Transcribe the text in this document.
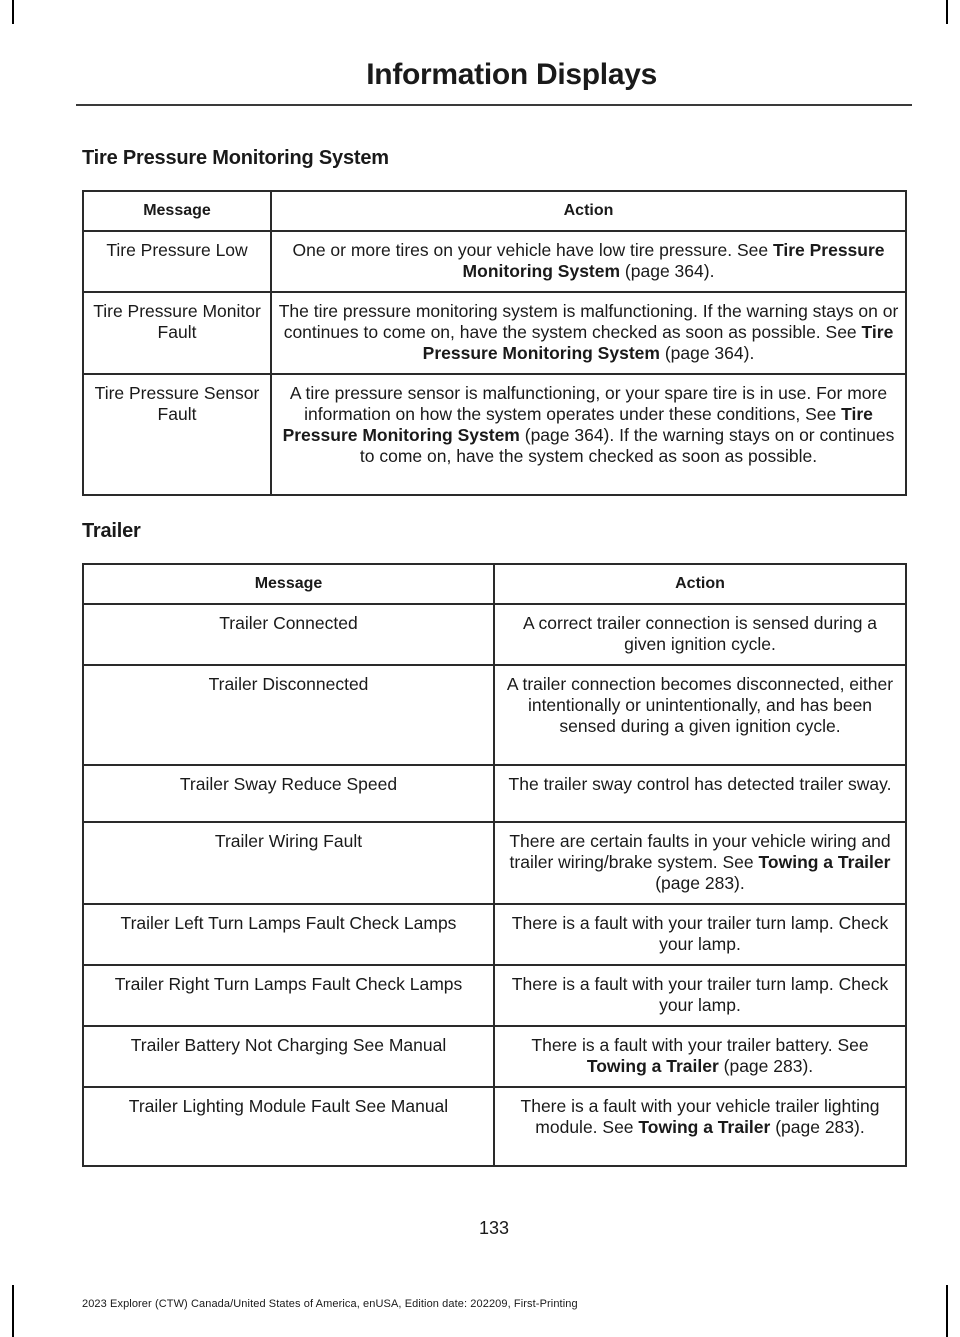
Information Displays
Tire Pressure Monitoring System
Message	Action
Tire Pressure Low	One or more tires on your vehicle have low tire pressure. See Tire Pressure Monitoring System (page 364).
Tire Pressure Monitor Fault	The tire pressure monitoring system is malfunctioning. If the warning stays on or continues to come on, have the system checked as soon as possible. See Tire Pressure Monitoring System (page 364).
Tire Pressure Sensor Fault	A tire pressure sensor is malfunctioning, or your spare tire is in use. For more information on how the system operates under these conditions, See Tire Pressure Monitoring System (page 364). If the warning stays on or continues to come on, have the system checked as soon as possible.
Trailer
Message	Action
Trailer Connected	A correct trailer connection is sensed during a given ignition cycle.
Trailer Disconnected	A trailer connection becomes disconnected, either intentionally or unintentionally, and has been sensed during a given ignition cycle.
Trailer Sway Reduce Speed	The trailer sway control has detected trailer sway.
Trailer Wiring Fault	There are certain faults in your vehicle wiring and trailer wiring/brake system. See Towing a Trailer (page 283).
Trailer Left Turn Lamps Fault Check Lamps	There is a fault with your trailer turn lamp. Check your lamp.
Trailer Right Turn Lamps Fault Check Lamps	There is a fault with your trailer turn lamp. Check your lamp.
Trailer Battery Not Charging See Manual	There is a fault with your trailer battery. See Towing a Trailer (page 283).
Trailer Lighting Module Fault See Manual	There is a fault with your vehicle trailer lighting module. See Towing a Trailer (page 283).
133
2023 Explorer (CTW) Canada/United States of America, enUSA, Edition date: 202209, First-Printing
